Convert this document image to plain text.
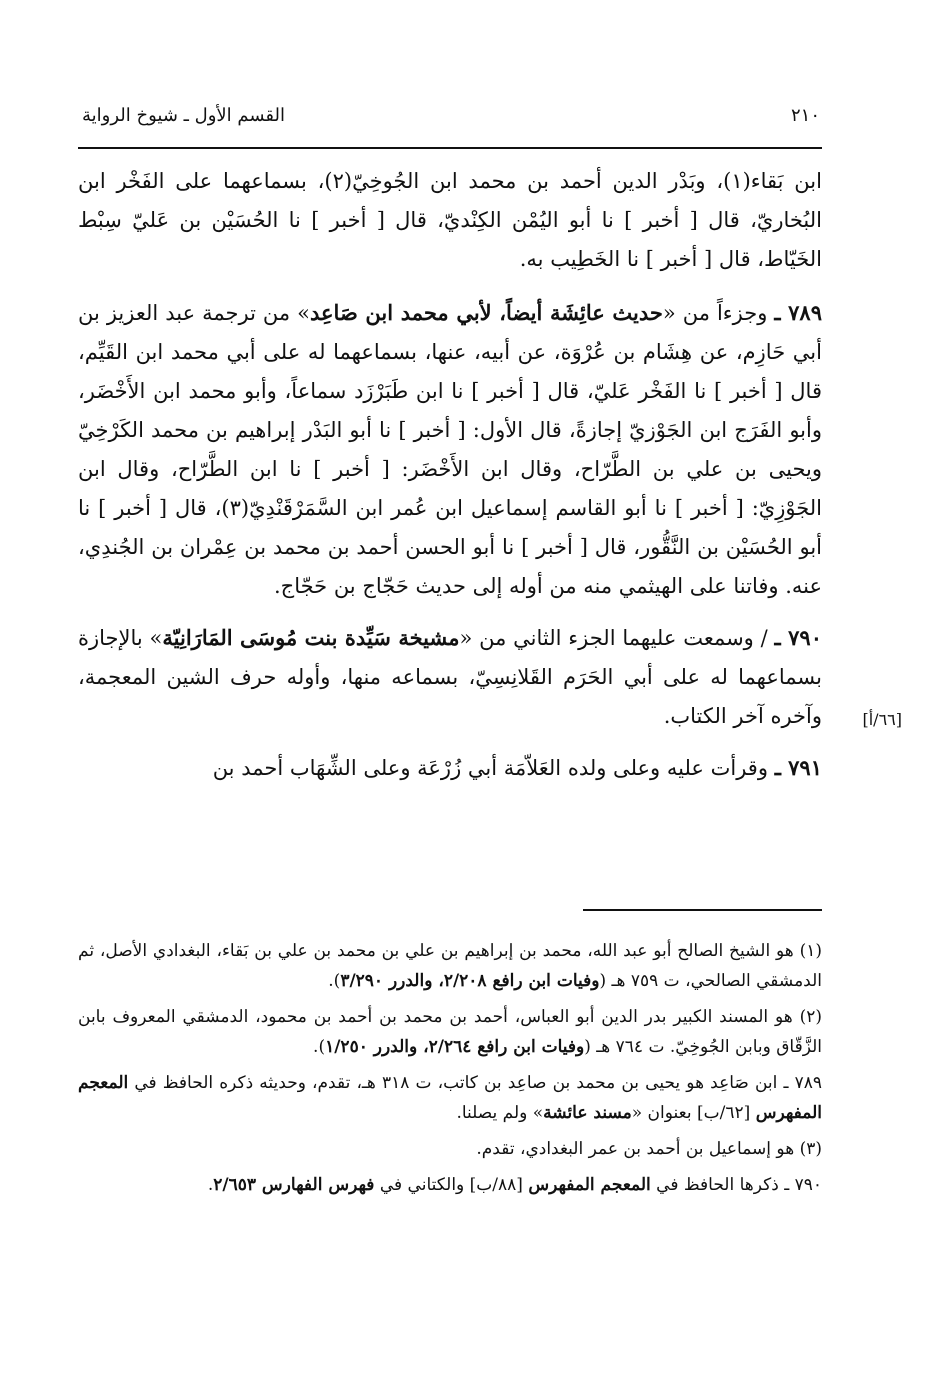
٢١٠
القسم الأول ـ شيوخ الرواية
[٦٦/أ]

ابن بَقاء(١)، وبَدْر الدين أحمد بن محمد ابن الجُوخِيّ(٢)، بسماعهما على الفَخْر ابن البُخاريّ، قال [ أخبر ] نا أبو اليُمْن الكِنْديّ، قال [ أخبر ] نا الحُسَيْن بن عَليّ سِبْط الخَيّاط، قال [ أخبر ] نا الخَطِيب به.

٧٨٩ ـ وجزءاً من «حديث عائِشَة أيضاً، لأبي محمد ابن صَاعِد» من ترجمة عبد العزيز بن أبي حَازِم، عن هِشَام بن عُرْوَة، عن أبيه، عنها، بسماعهما له على أبي محمد ابن القَيِّم، قال [ أخبر ] نا الفَخْر عَليّ، قال [ أخبر ] نا ابن طَبَرْزَد سماعاً، وأبو محمد ابن الأَخْضَر، وأبو الفَرَج ابن الجَوْزيّ إجازةً، قال الأول: [ أخبر ] نا أبو البَدْر إبراهيم بن محمد الكَرْخِيّ ويحيى بن علي بن الطَّرّاح، وقال ابن الأَخْضَر: [ أخبر ] نا ابن الطَّرّاح، وقال ابن الجَوْزِيّ: [ أخبر ] نا أبو القاسم إسماعيل ابن عُمر ابن السَّمَرْقَنْدِيّ(٣)، قال [ أخبر ] نا أبو الحُسَيْن بن النَّقُّور، قال [ أخبر ] نا أبو الحسن أحمد بن محمد بن عِمْران بن الجُندِي، عنه. وفاتنا على الهيثمي منه من أوله إلى حديث حَجّاج بن حَجّاج.

٧٩٠ ـ / وسمعت عليهما الجزء الثاني من «مشيخة سَيِّدة بنت مُوسَى المَارَانِيّة» بالإجازة بسماعهما له على أبي الحَرَم القَلانِسِيّ، بسماعه منها، وأوله حرف الشين المعجمة، وآخره آخر الكتاب.

٧٩١ ـ وقرأت عليه وعلى ولده العَلاّمَة أبي زُرْعَة وعلى الشِّهَاب أحمد بن

(١) هو الشيخ الصالح أبو عبد الله، محمد بن إبراهيم بن علي بن محمد بن علي بن بَقاء، البغدادي الأصل، ثم الدمشقي الصالحي، ت ٧٥٩ هـ (وفيات ابن رافع ٢/٢٠٨، والدرر ٣/٢٩٠).

(٢) هو المسند الكبير بدر الدين أبو العباس، أحمد بن محمد بن أحمد بن محمود، الدمشقي المعروف بابن الزَّقّاق وبابن الجُوخِيّ. ت ٧٦٤ هـ (وفيات ابن رافع ٢/٢٦٤، والدرر ١/٢٥٠).

٧٨٩ ـ ابن صَاعِد هو يحيى بن محمد بن صاعِد بن كاتب، ت ٣١٨ هـ، تقدم، وحديثه ذكره الحافظ في المعجم المفهرس [٦٢/ب] بعنوان «مسند عائشة» ولم يصلنا.

(٣) هو إسماعيل بن أحمد بن عمر البغدادي، تقدم.

٧٩٠ ـ ذكرها الحافظ في المعجم المفهرس [٨٨/ب] والكتاني في فهرس الفهارس ٢/٦٥٣.
